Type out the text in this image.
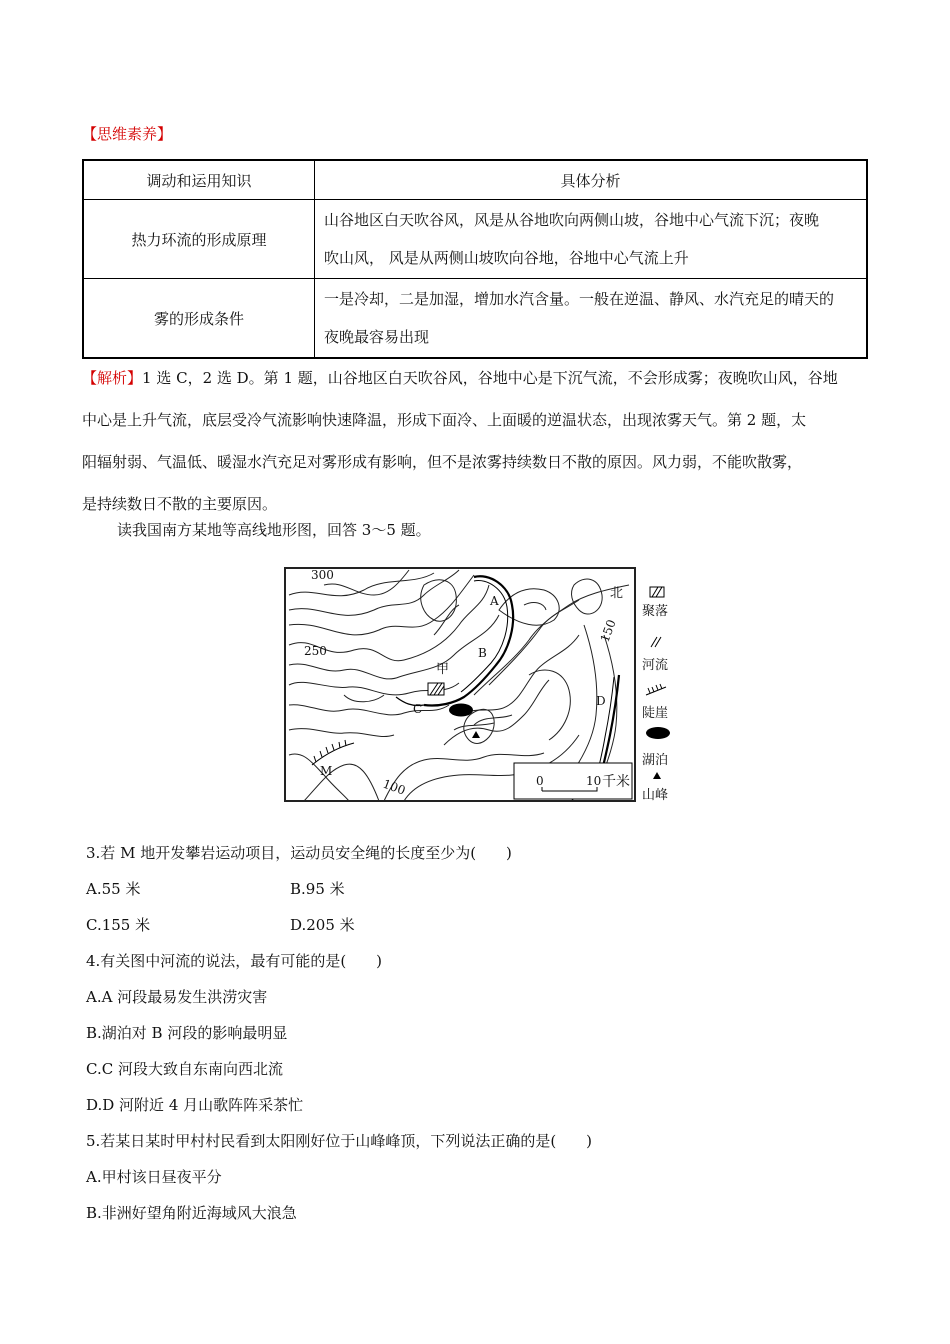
【思维素养】
调动和运用知识	具体分析
热力环流的形成原理	山谷地区白天吹谷风，风是从谷地吹向两侧山坡，谷地中心气流下沉；夜晚
吹山风， 风是从两侧山坡吹向谷地，谷地中心气流上升

雾的形成条件	一是冷却，二是加湿，增加水汽含量。一般在逆温、静风、水汽充足的晴天的
夜晚最容易出现
【解析】1 选 C，2 选 D。第 1 题，山谷地区白天吹谷风，谷地中心是下沉气流，不会形成雾；夜晚吹山风，谷地
中心是上升气流，底层受冷气流影响快速降温，形成下面冷、上面暖的逆温状态，出现浓雾天气。第 2 题，太
阳辐射弱、气温低、暖湿水汽充足对雾形成有影响，但不是浓雾持续数日不散的原因。风力弱，不能吹散雾，
是持续数日不散的主要原因。
读我国南方某地等高线地形图，回答 3～5 题。
300
250
150
100
A
B
C
D
M
甲
北
0	10 千米
聚落
河流
陡崖
湖泊
山峰
3.若 M 地开发攀岩运动项目，运动员安全绳的长度至少为(　　)
A.55 米	B.95 米
C.155 米	D.205 米
4.有关图中河流的说法，最有可能的是(　　)
A.A 河段最易发生洪涝灾害
B.湖泊对 B 河段的影响最明显
C.C 河段大致自东南向西北流
D.D 河附近 4 月山歌阵阵采茶忙
5.若某日某时甲村村民看到太阳刚好位于山峰峰顶，下列说法正确的是(　　)
A.甲村该日昼夜平分
B.非洲好望角附近海域风大浪急
